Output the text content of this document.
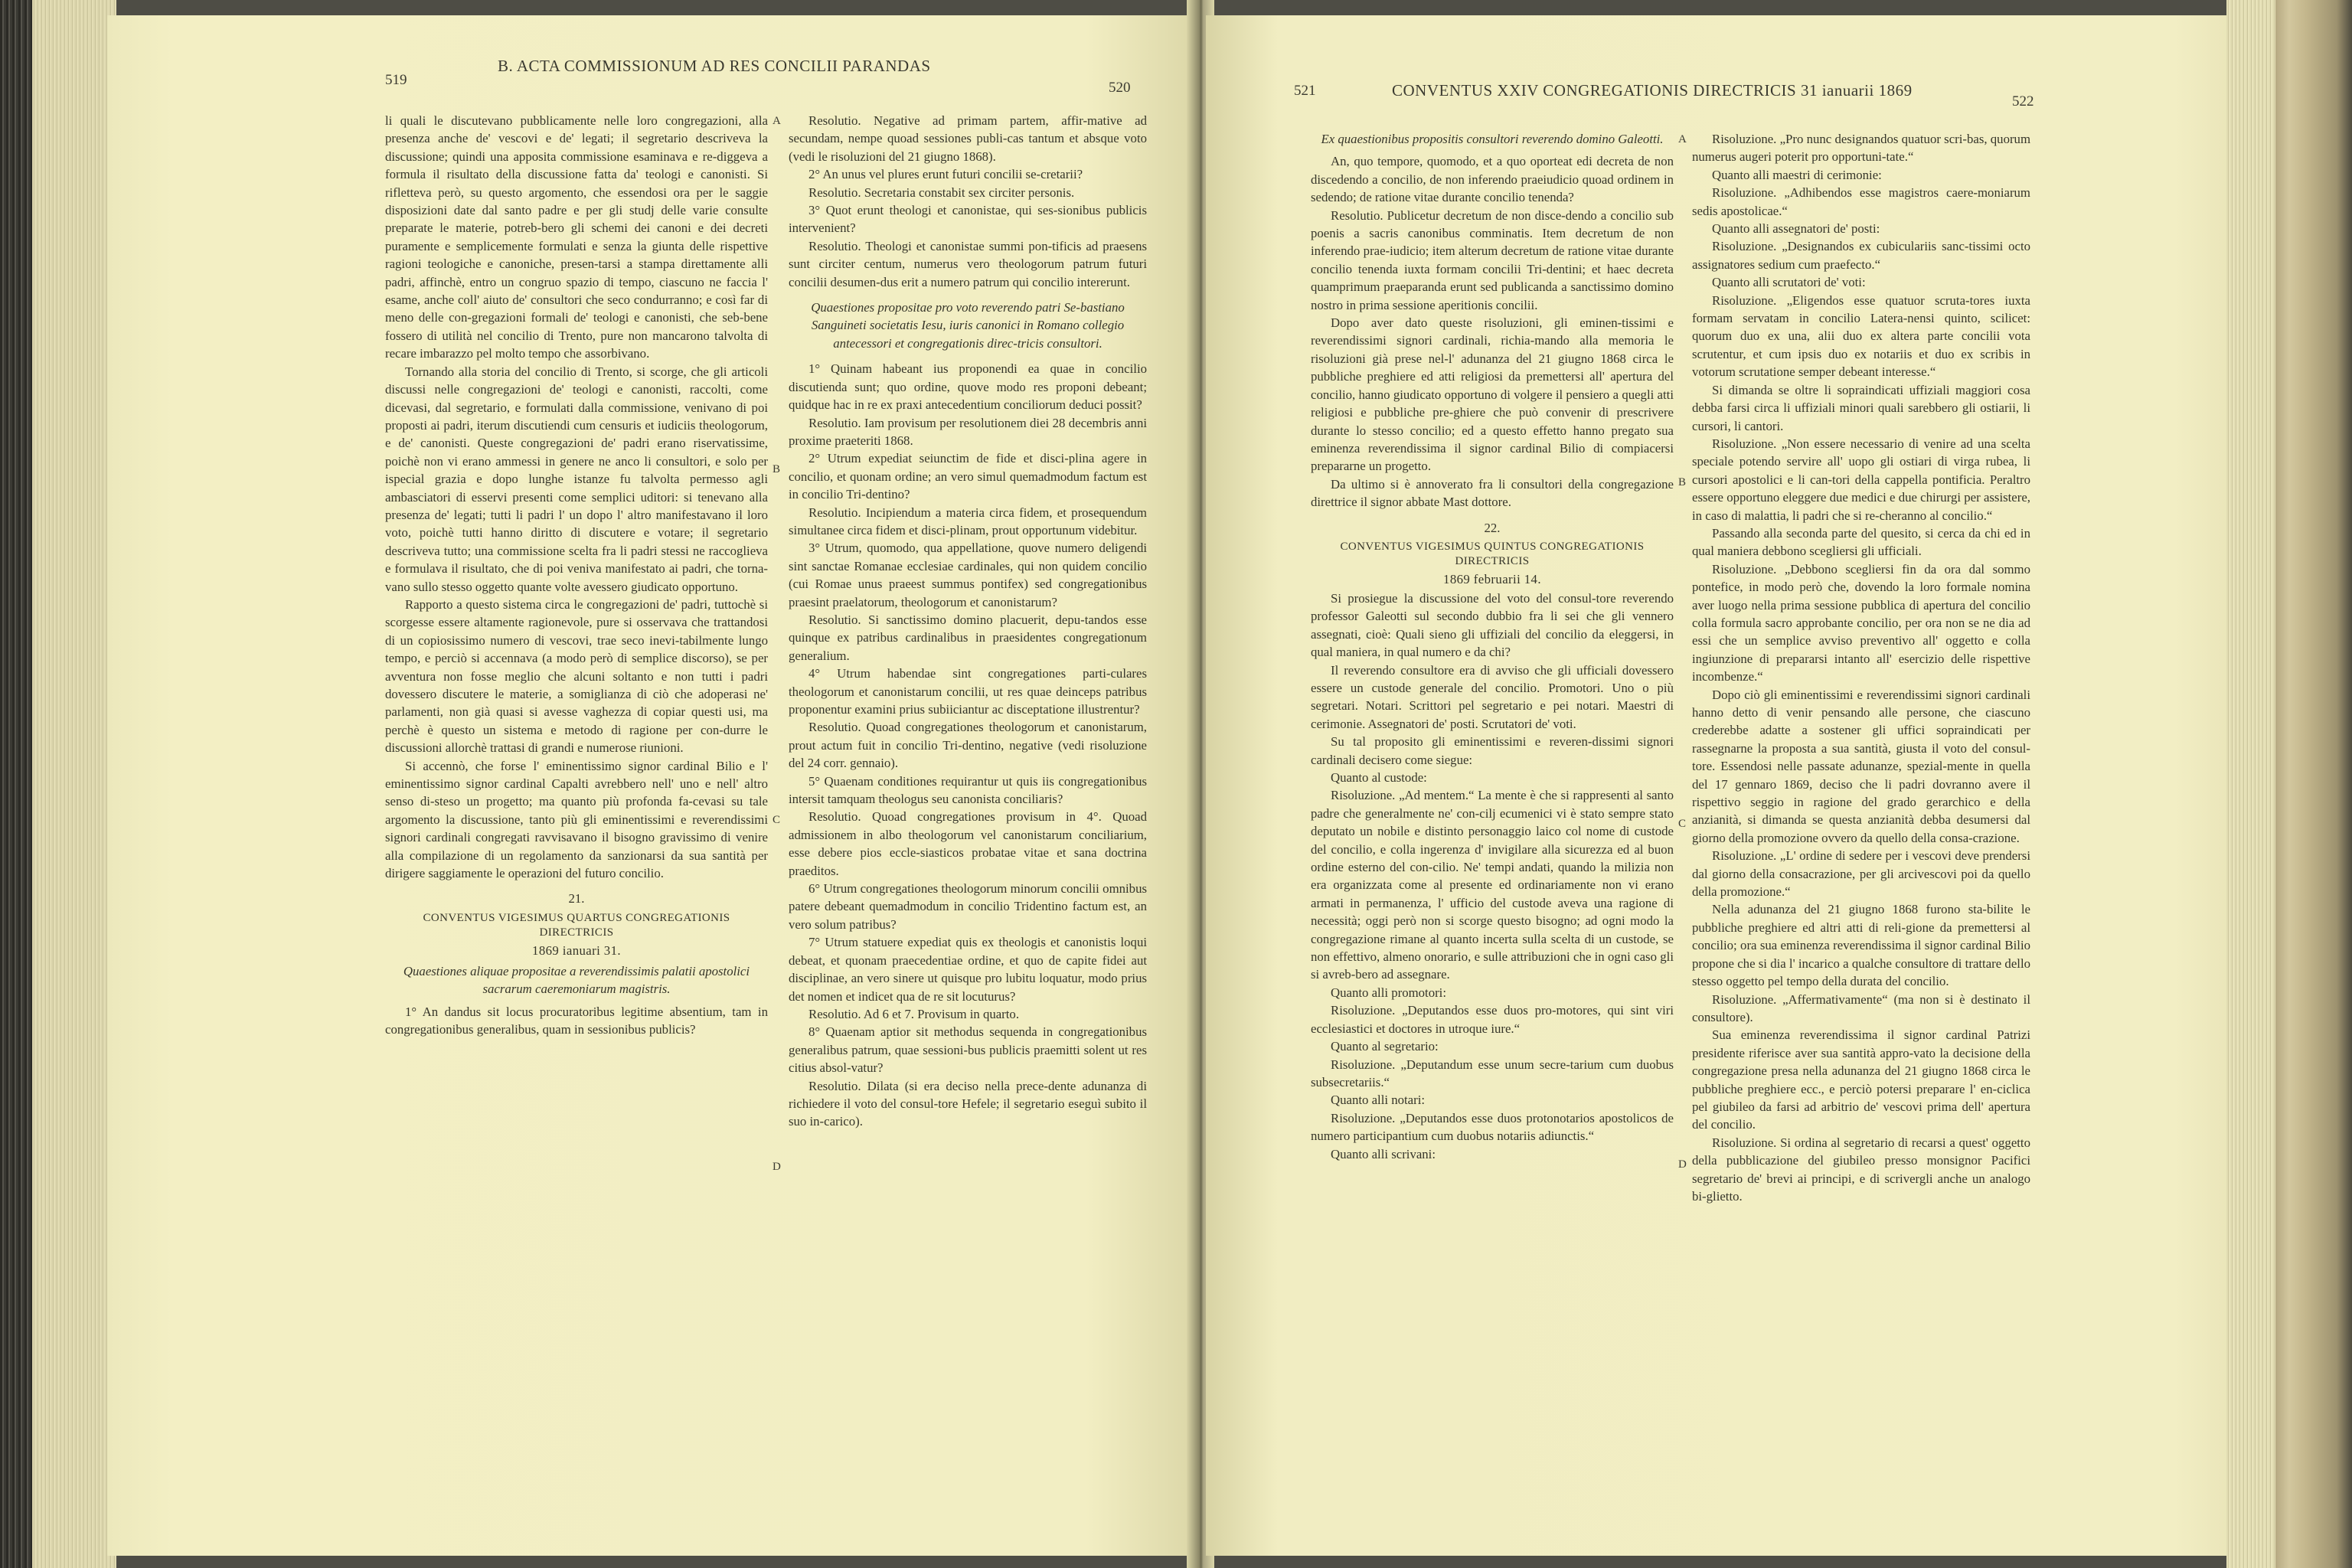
B. ACTA COMMISSIONUM AD RES CONCILII PARANDAS
519	520

li quali le discutevano pubblicamente nelle loro congregazioni, alla presenza anche de' vescovi e de' legati; il segretario descriveva la discussione; quindi una apposita commissione esaminava e re-diggeva a formula il risultato della discussione fatta da' teologi e canonisti. Si rifletteva però, su questo argomento, che essendosi ora per le saggie disposizioni date dal santo padre e per gli studj delle varie consulte preparate le materie, potreb-bero gli schemi dei canoni e dei decreti puramente e semplicemente formulati e senza la giunta delle rispettive ragioni teologiche e canoniche, presen-tarsi a stampa direttamente alli padri, affinchè, entro un congruo spazio di tempo, ciascuno ne faccia l' esame, anche coll' aiuto de' consultori che seco condurranno; e così far di meno delle con-gregazioni formali de' teologi e canonisti, che seb-bene fossero di utilità nel concilio di Trento, pure non mancarono talvolta di recare imbarazzo pel molto tempo che assorbivano.

Tornando alla storia del concilio di Trento, si scorge, che gli articoli discussi nelle congregazioni de' teologi e canonisti, raccolti, come dicevasi, dal segretario, e formulati dalla commissione, venivano di poi proposti ai padri, iterum discutiendi cum censuris et iudiciis theologorum, e de' canonisti. Queste congregazioni de' padri erano riservatissime, poichè non vi erano ammessi in genere ne anco li consultori, e solo per ispecial grazia e dopo lunghe istanze fu talvolta permesso agli ambasciatori di esservi presenti come semplici uditori: si tenevano alla presenza de' legati; tutti li padri l' un dopo l' altro manifestavano il loro voto, poichè tutti hanno diritto di discutere e votare; il segretario descriveva tutto; una commissione scelta fra li padri stessi ne raccoglieva e formulava il risultato, che di poi veniva manifestato ai padri, che torna-vano sullo stesso oggetto quante volte avessero giudicato opportuno.

Rapporto a questo sistema circa le congregazioni de' padri, tuttochè si scorgesse essere altamente ragionevole, pure si osservava che trattandosi di un copiosissimo numero di vescovi, trae seco inevi-tabilmente lungo tempo, e perciò si accennava (a modo però di semplice discorso), se per avventura non fosse meglio che alcuni soltanto e non tutti i padri dovessero discutere le materie, a somiglianza di ciò che adoperasi ne' parlamenti, non già quasi si avesse vaghezza di copiar questi usi, ma perchè è questo un sistema e metodo di ragione per con-durre le discussioni allorchè trattasi di grandi e numerose riunioni.

Si accennò, che forse l' eminentissimo signor cardinal Bilio e l' eminentissimo signor cardinal Capalti avrebbero nell' uno e nell' altro senso di-steso un progetto; ma quanto più profonda fa-cevasi su tale argomento la discussione, tanto più gli eminentissimi e reverendissimi signori cardinali congregati ravvisavano il bisogno gravissimo di venire alla compilazione di un regolamento da sanzionarsi da sua santità per dirigere saggiamente le operazioni del futuro concilio.

21.

CONVENTUS VIGESIMUS QUARTUS CONGREGATIONIS DIRECTRICIS

1869 ianuari 31.

Quaestiones aliquae propositae a reverendissimis palatii apostolici sacrarum caeremoniarum magistris.

1° An dandus sit locus procuratoribus legitime absentium, tam in congregationibus generalibus, quam in sessionibus publicis?

Resolutio. Negative ad primam partem, affir-mative ad secundam, nempe quoad sessiones publi-cas tantum et absque voto (vedi le risoluzioni del 21 giugno 1868).

2° An unus vel plures erunt futuri concilii se-cretarii?

Resolutio. Secretaria constabit sex circiter personis.

3° Quot erunt theologi et canonistae, qui ses-sionibus publicis intervenient?

Resolutio. Theologi et canonistae summi pon-tificis ad praesens sunt circiter centum, numerus vero theologorum patrum futuri concilii desumen-dus erit a numero patrum qui concilio intererunt.

Quaestiones propositae pro voto reverendo patri Se-bastiano Sanguineti societatis Iesu, iuris canonici in Romano collegio antecessori et congregationis direc-tricis consultori.

1° Quinam habeant ius proponendi ea quae in concilio discutienda sunt; quo ordine, quove modo res proponi debeant; quidque hac in re ex praxi antecedentium conciliorum deduci possit?

Resolutio. Iam provisum per resolutionem diei 28 decembris anni proxime praeteriti 1868.

2° Utrum expediat seiunctim de fide et disci-plina agere in concilio, et quonam ordine; an vero simul quemadmodum factum est in concilio Tri-dentino?

Resolutio. Incipiendum a materia circa fidem, et prosequendum simultanee circa fidem et disci-plinam, prout opportunum videbitur.

3° Utrum, quomodo, qua appellatione, quove numero deligendi sint sanctae Romanae ecclesiae cardinales, qui non quidem concilio (cui Romae unus praeest summus pontifex) sed congregationibus praesint praelatorum, theologorum et canonistarum?

Resolutio. Si sanctissimo domino placuerit, depu-tandos esse quinque ex patribus cardinalibus in praesidentes congregationum generalium.

4° Utrum habendae sint congregationes parti-culares theologorum et canonistarum concilii, ut res quae deinceps patribus proponentur examini prius subiiciantur ac disceptatione illustrentur?

Resolutio. Quoad congregationes theologorum et canonistarum, prout actum fuit in concilio Tri-dentino, negative (vedi risoluzione del 24 corr. gennaio).

5° Quaenam conditiones requirantur ut quis iis congregationibus intersit tamquam theologus seu canonista conciliaris?

Resolutio. Quoad congregationes provisum in 4°. Quoad admissionem in albo theologorum vel canonistarum conciliarium, esse debere pios eccle-siasticos probatae vitae et sana doctrina praeditos.

6° Utrum congregationes theologorum minorum concilii omnibus patere debeant quemadmodum in concilio Tridentino factum est, an vero solum patribus?

7° Utrum statuere expediat quis ex theologis et canonistis loqui debeat, et quonam praecedentiae ordine, et quo de capite fidei aut disciplinae, an vero sinere ut quisque pro lubitu loquatur, modo prius det nomen et indicet qua de re sit locuturus?

Resolutio. Ad 6 et 7. Provisum in quarto.

8° Quaenam aptior sit methodus sequenda in congregationibus generalibus patrum, quae sessioni-bus publicis praemitti solent ut res citius absol-vatur?

Resolutio. Dilata (si era deciso nella prece-dente adunanza di richiedere il voto del consul-tore Hefele; il segretario eseguì subito il suo in-carico).

A
B
C
D
CONVENTUS XXIV CONGREGATIONIS DIRECTRICIS 31 ianuarii 1869
521
522

Ex quaestionibus propositis consultori reverendo domino Galeotti.

An, quo tempore, quomodo, et a quo oporteat edi decreta de non discedendo a concilio, de non inferendo praeiudicio quoad ordinem in sedendo; de ratione vitae durante concilio tenenda?

Resolutio. Publicetur decretum de non disce-dendo a concilio sub poenis a sacris canonibus comminatis. Item decretum de non inferendo prae-iudicio; item alterum decretum de ratione vitae durante concilio tenenda iuxta formam concilii Tri-dentini; et haec decreta quamprimum praeparanda erunt sed publicanda a sanctissimo domino nostro in prima sessione aperitionis concilii.

Dopo aver dato queste risoluzioni, gli eminen-tissimi e reverendissimi signori cardinali, richia-mando alla memoria le risoluzioni già prese nel-l' adunanza del 21 giugno 1868 circa le pubbliche preghiere ed atti religiosi da premettersi all' apertura del concilio, hanno giudicato opportuno di volgere il pensiero a quegli atti religiosi e pubbliche pre-ghiere che può convenir di prescrivere durante lo stesso concilio; ed a questo effetto hanno pregato sua eminenza reverendissima il signor cardinal Bilio di compiacersi prepararne un progetto.

Da ultimo si è annoverato fra li consultori della congregazione direttrice il signor abbate Mast dottore.

22.

CONVENTUS VIGESIMUS QUINTUS CONGREGATIONIS DIRECTRICIS

1869 februarii 14.

Si prosiegue la discussione del voto del consul-tore reverendo professor Galeotti sul secondo dubbio fra li sei che gli vennero assegnati, cioè: Quali sieno gli uffiziali del concilio da eleggersi, in qual maniera, in qual numero e da chi?

Il reverendo consultore era di avviso che gli ufficiali dovessero essere un custode generale del concilio. Promotori. Uno o più segretari. Notari. Scrittori pel segretario e pei notari. Maestri di cerimonie. Assegnatori de' posti. Scrutatori de' voti.

Su tal proposito gli eminentissimi e reveren-dissimi signori cardinali decisero come siegue:

Quanto al custode:

Risoluzione. „Ad mentem.“ La mente è che si rappresenti al santo padre che generalmente ne' con-cilj ecumenici vi è stato sempre stato deputato un nobile e distinto personaggio laico col nome di custode del concilio, e colla ingerenza d' invigilare alla sicurezza ed al buon ordine esterno del con-cilio. Ne' tempi andati, quando la milizia non era organizzata come al presente ed ordinariamente non vi erano armati in permanenza, l' ufficio del custode aveva una ragione di necessità; oggi però non si scorge questo bisogno; ad ogni modo la congregazione rimane al quanto incerta sulla scelta di un custode, se non effettivo, almeno onorario, e sulle attribuzioni che in ogni caso gli si avreb-bero ad assegnare.

Quanto alli promotori:

Risoluzione. „Deputandos esse duos pro-motores, qui sint viri ecclesiastici et doctores in utroque iure.“

Quanto al segretario:

Risoluzione. „Deputandum esse unum secre-tarium cum duobus subsecretariis.“

Quanto alli notari:

Risoluzione. „Deputandos esse duos protonotarios apostolicos de numero participantium cum duobus notariis adiunctis.“

Quanto alli scrivani:

Risoluzione. „Pro nunc designandos quatuor scri-bas, quorum numerus augeri poterit pro opportuni-tate.“

Quanto alli maestri di cerimonie:

Risoluzione. „Adhibendos esse magistros caere-moniarum sedis apostolicae.“

Quanto alli assegnatori de' posti:

Risoluzione. „Designandos ex cubiculariis sanc-tissimi octo assignatores sedium cum praefecto.“

Quanto alli scrutatori de' voti:

Risoluzione. „Eligendos esse quatuor scruta-tores iuxta formam servatam in concilio Latera-nensi quinto, scilicet: quorum duo ex una, alii duo ex altera parte concilii vota scrutentur, et cum ipsis duo ex notariis et duo ex scribis in votorum scrutatione semper debeant interesse.“

Si dimanda se oltre li sopraindicati uffiziali maggiori cosa debba farsi circa li uffiziali minori quali sarebbero gli ostiarii, li cursori, li cantori.

Risoluzione. „Non essere necessario di venire ad una scelta speciale potendo servire all' uopo gli ostiari di virga rubea, li cursori apostolici e li can-tori della cappella pontificia. Peraltro essere opportuno eleggere due medici e due chirurgi per assistere, in caso di malattia, li padri che si re-cheranno al concilio.“

Passando alla seconda parte del quesito, si cerca da chi ed in qual maniera debbono scegliersi gli ufficiali.

Risoluzione. „Debbono scegliersi fin da ora dal sommo pontefice, in modo però che, dovendo la loro formale nomina aver luogo nella prima sessione pubblica di apertura del concilio colla formula sacro approbante concilio, per ora non se ne dia ad essi che un semplice avviso preventivo all' oggetto e colla ingiunzione di prepararsi intanto all' esercizio delle rispettive incombenze.“

Dopo ciò gli eminentissimi e reverendissimi signori cardinali hanno detto di venir pensando alle persone, che ciascuno crederebbe adatte a sostener gli uffici sopraindicati per rassegnarne la proposta a sua santità, giusta il voto del consul-tore. Essendosi nelle passate adunanze, spezial-mente in quella del 17 gennaro 1869, deciso che li padri dovranno avere il rispettivo seggio in ragione del grado gerarchico e della anzianità, si dimanda se questa anzianità debba desumersi dal giorno della promozione ovvero da quello della consa-crazione.

Risoluzione. „L' ordine di sedere per i vescovi deve prendersi dal giorno della consacrazione, per gli arcivescovi poi da quello della promozione.“

Nella adunanza del 21 giugno 1868 furono sta-bilite le pubbliche preghiere ed altri atti di reli-gione da premettersi al concilio; ora sua eminenza reverendissima il signor cardinal Bilio propone che si dia l' incarico a qualche consultore di trattare dello stesso oggetto pel tempo della durata del concilio.

Risoluzione. „Affermativamente“ (ma non si è destinato il consultore).

Sua eminenza reverendissima il signor cardinal Patrizi presidente riferisce aver sua santità appro-vato la decisione della congregazione presa nella adunanza del 21 giugno 1868 circa le pubbliche preghiere ecc., e perciò potersi preparare l' en-ciclica pel giubileo da farsi ad arbitrio de' vescovi prima dell' apertura del concilio.

Risoluzione. Si ordina al segretario di recarsi a quest' oggetto della pubblicazione del giubileo presso monsignor Pacifici segretario de' brevi ai principi, e di scrivergli anche un analogo bi-glietto.

A
B
C
D
